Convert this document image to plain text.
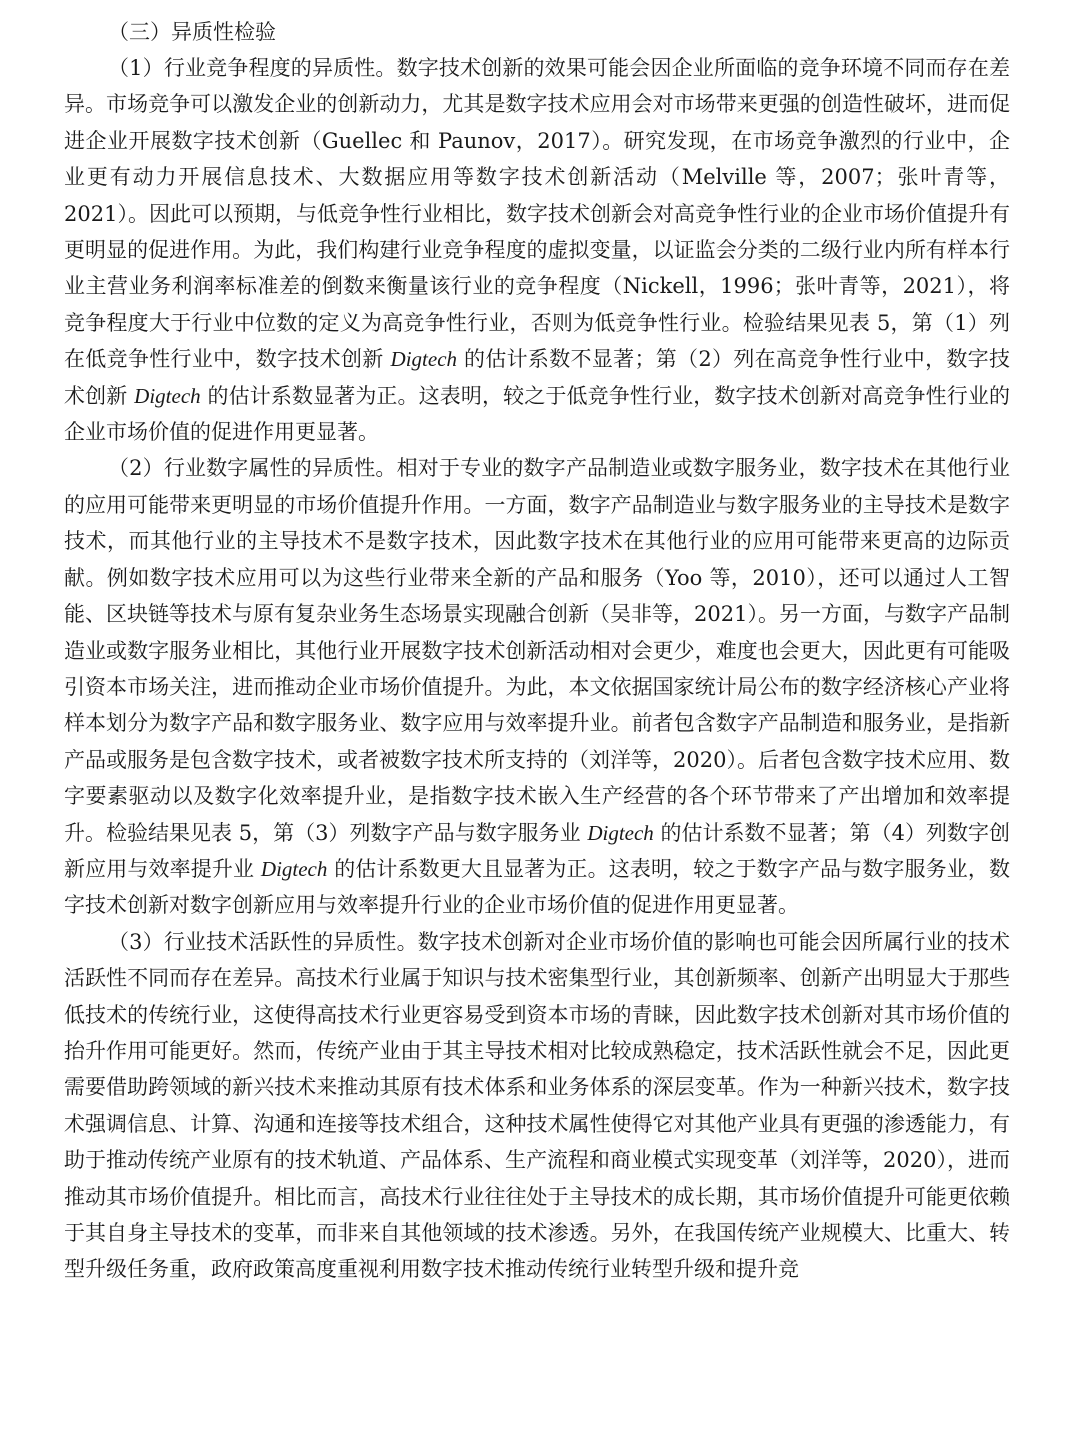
（三）异质性检验

（1）行业竞争程度的异质性。数字技术创新的效果可能会因企业所面临的竞争环境不同而存在差异。市场竞争可以激发企业的创新动力，尤其是数字技术应用会对市场带来更强的创造性破坏，进而促进企业开展数字技术创新（Guellec 和 Paunov，2017）。研究发现，在市场竞争激烈的行业中，企业更有动力开展信息技术、大数据应用等数字技术创新活动（Melville 等，2007；张叶青等，2021）。因此可以预期，与低竞争性行业相比，数字技术创新会对高竞争性行业的企业市场价值提升有更明显的促进作用。为此，我们构建行业竞争程度的虚拟变量，以证监会分类的二级行业内所有样本行业主营业务利润率标准差的倒数来衡量该行业的竞争程度（Nickell，1996；张叶青等，2021），将竞争程度大于行业中位数的定义为高竞争性行业，否则为低竞争性行业。检验结果见表 5，第（1）列在低竞争性行业中，数字技术创新 Digtech 的估计系数不显著；第（2）列在高竞争性行业中，数字技术创新 Digtech 的估计系数显著为正。这表明，较之于低竞争性行业，数字技术创新对高竞争性行业的企业市场价值的促进作用更显著。

（2）行业数字属性的异质性。相对于专业的数字产品制造业或数字服务业，数字技术在其他行业的应用可能带来更明显的市场价值提升作用。一方面，数字产品制造业与数字服务业的主导技术是数字技术，而其他行业的主导技术不是数字技术，因此数字技术在其他行业的应用可能带来更高的边际贡献。例如数字技术应用可以为这些行业带来全新的产品和服务（Yoo 等，2010），还可以通过人工智能、区块链等技术与原有复杂业务生态场景实现融合创新（吴非等，2021）。另一方面，与数字产品制造业或数字服务业相比，其他行业开展数字技术创新活动相对会更少，难度也会更大，因此更有可能吸引资本市场关注，进而推动企业市场价值提升。为此，本文依据国家统计局公布的数字经济核心产业将样本划分为数字产品和数字服务业、数字应用与效率提升业。前者包含数字产品制造和服务业，是指新产品或服务是包含数字技术，或者被数字技术所支持的（刘洋等，2020）。后者包含数字技术应用、数字要素驱动以及数字化效率提升业，是指数字技术嵌入生产经营的各个环节带来了产出增加和效率提升。检验结果见表 5，第（3）列数字产品与数字服务业 Digtech 的估计系数不显著；第（4）列数字创新应用与效率提升业 Digtech 的估计系数更大且显著为正。这表明，较之于数字产品与数字服务业，数字技术创新对数字创新应用与效率提升行业的企业市场价值的促进作用更显著。

（3）行业技术活跃性的异质性。数字技术创新对企业市场价值的影响也可能会因所属行业的技术活跃性不同而存在差异。高技术行业属于知识与技术密集型行业，其创新频率、创新产出明显大于那些低技术的传统行业，这使得高技术行业更容易受到资本市场的青睐，因此数字技术创新对其市场价值的抬升作用可能更好。然而，传统产业由于其主导技术相对比较成熟稳定，技术活跃性就会不足，因此更需要借助跨领域的新兴技术来推动其原有技术体系和业务体系的深层变革。作为一种新兴技术，数字技术强调信息、计算、沟通和连接等技术组合，这种技术属性使得它对其他产业具有更强的渗透能力，有助于推动传统产业原有的技术轨道、产品体系、生产流程和商业模式实现变革（刘洋等，2020），进而推动其市场价值提升。相比而言，高技术行业往往处于主导技术的成长期，其市场价值提升可能更依赖于其自身主导技术的变革，而非来自其他领域的技术渗透。另外，在我国传统产业规模大、比重大、转型升级任务重，政府政策高度重视利用数字技术推动传统行业转型升级和提升竞
